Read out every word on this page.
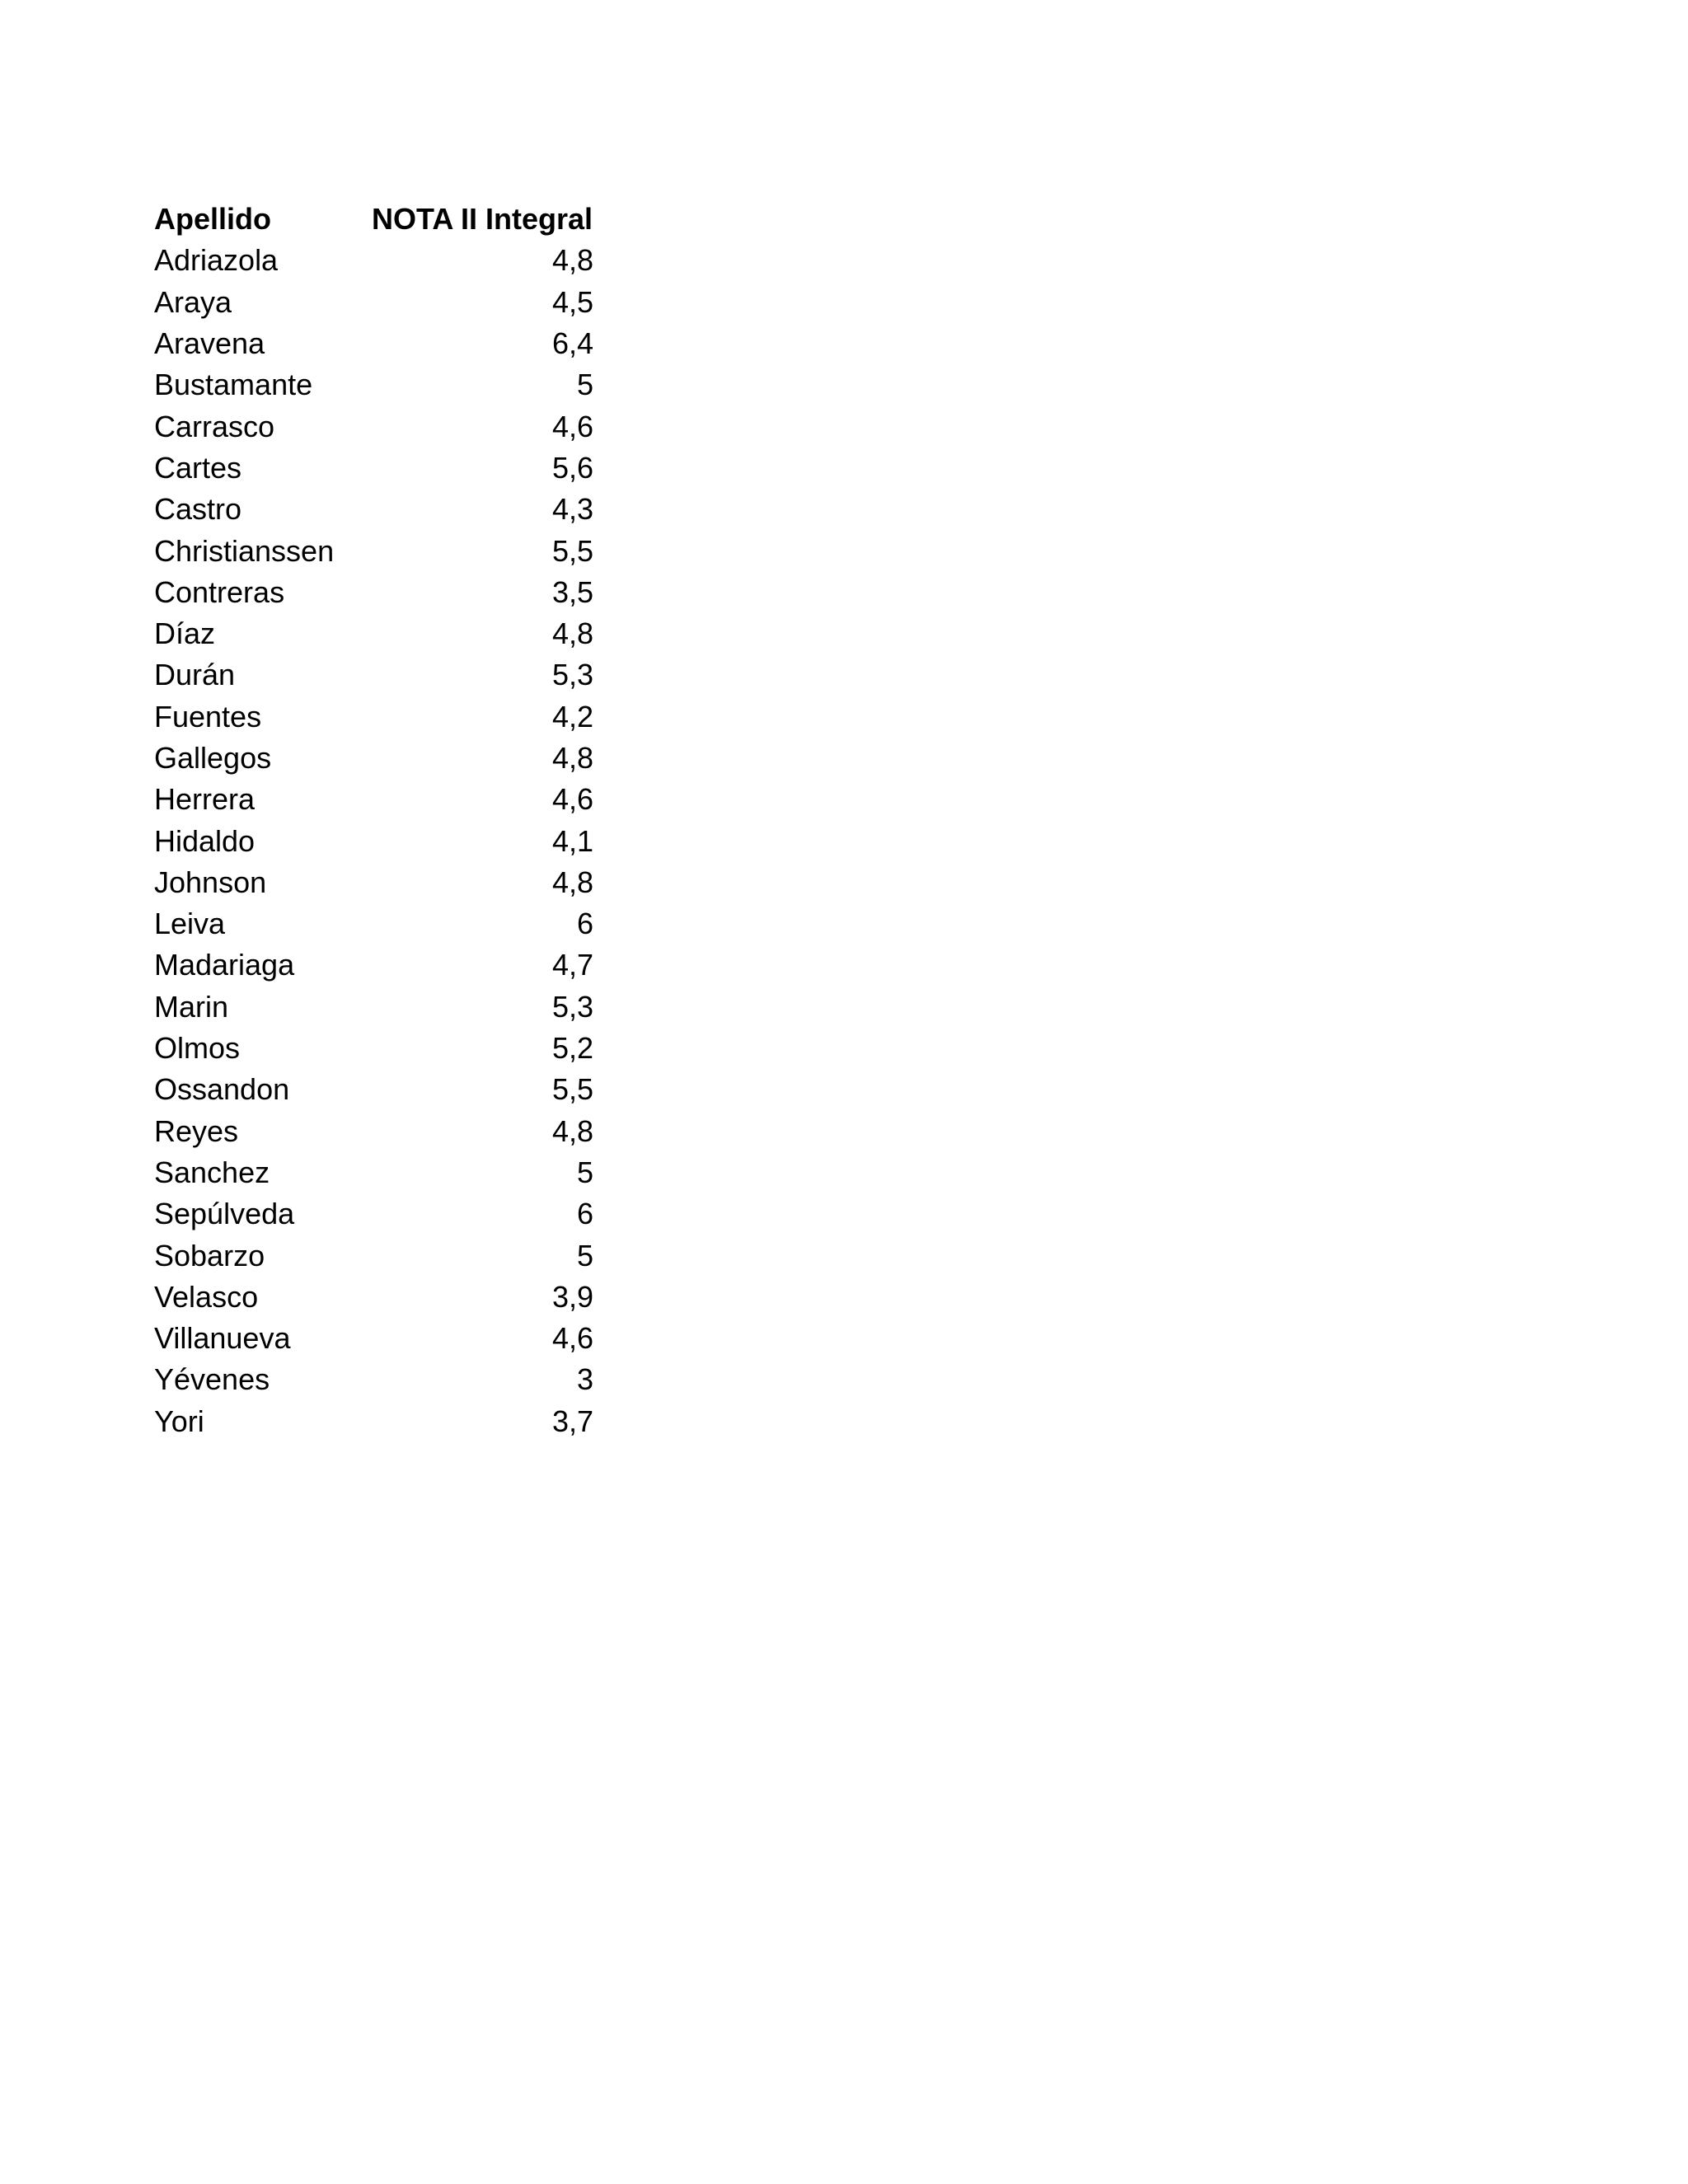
Apellido	NOTA II Integral
Adriazola	4,8
Araya	4,5
Aravena	6,4
Bustamante	5
Carrasco	4,6
Cartes	5,6
Castro	4,3
Christianssen	5,5
Contreras	3,5
Díaz	4,8
Durán	5,3
Fuentes	4,2
Gallegos	4,8
Herrera	4,6
Hidaldo	4,1
Johnson	4,8
Leiva	6
Madariaga	4,7
Marin	5,3
Olmos	5,2
Ossandon	5,5
Reyes	4,8
Sanchez	5
Sepúlveda	6
Sobarzo	5
Velasco	3,9
Villanueva	4,6
Yévenes	3
Yori	3,7
